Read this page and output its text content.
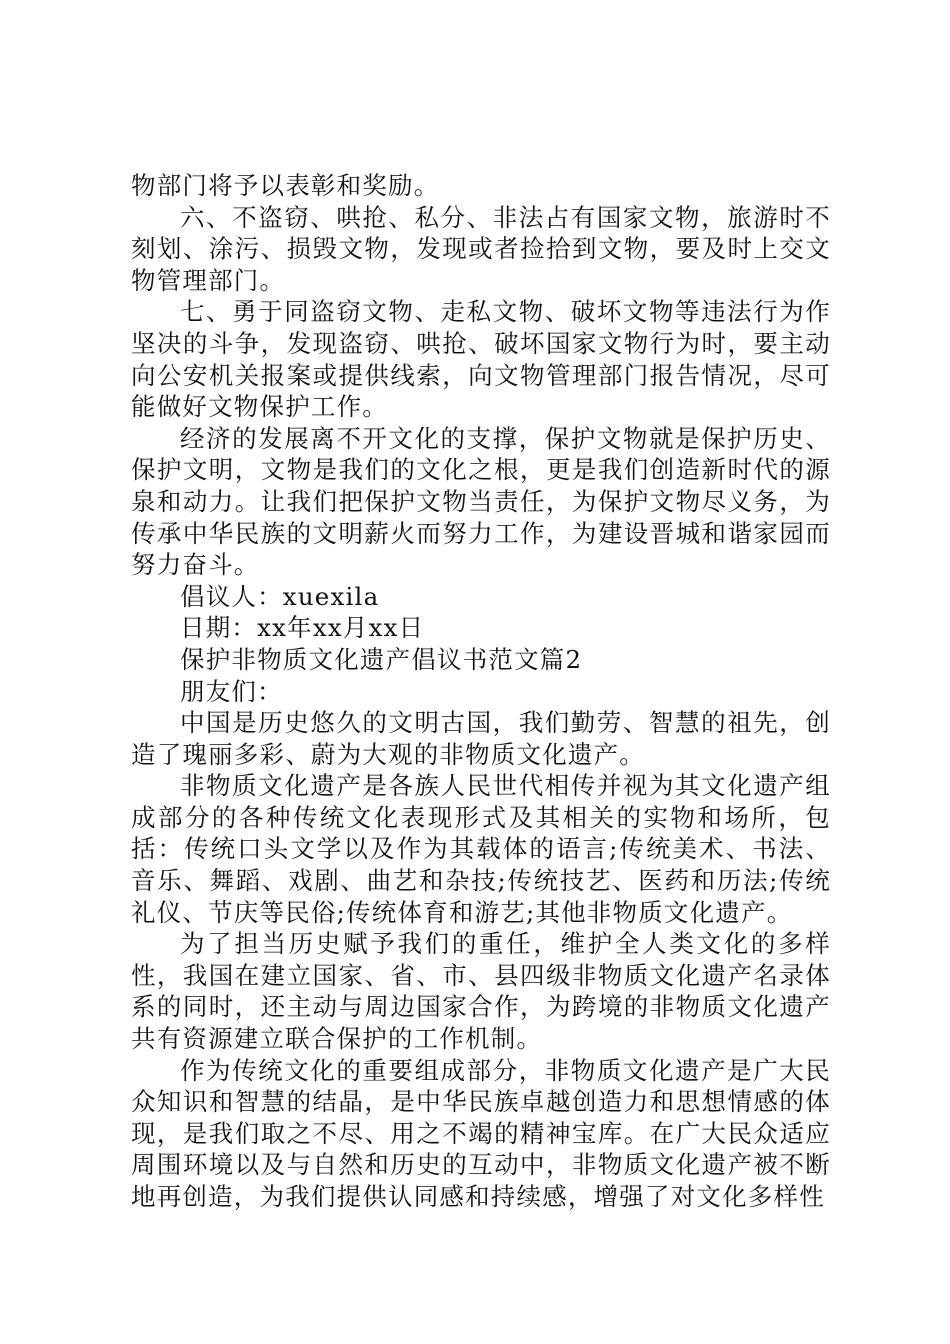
物部门将予以表彰和奖励。

六、不盗窃、哄抢、私分、非法占有国家文物，旅游时不刻划、涂污、损毁文物，发现或者捡拾到文物，要及时上交文物管理部门。

七、勇于同盗窃文物、走私文物、破坏文物等违法行为作坚决的斗争，发现盗窃、哄抢、破坏国家文物行为时，要主动向公安机关报案或提供线索，向文物管理部门报告情况，尽可能做好文物保护工作。

经济的发展离不开文化的支撑，保护文物就是保护历史、保护文明，文物是我们的文化之根，更是我们创造新时代的源泉和动力。让我们把保护文物当责任，为保护文物尽义务，为传承中华民族的文明薪火而努力工作，为建设晋城和谐家园而努力奋斗。

倡议人：xuexila

日期：xx年xx月xx日

保护非物质文化遗产倡议书范文篇2

朋友们：

中国是历史悠久的文明古国，我们勤劳、智慧的祖先，创造了瑰丽多彩、蔚为大观的非物质文化遗产。

非物质文化遗产是各族人民世代相传并视为其文化遗产组成部分的各种传统文化表现形式及其相关的实物和场所，包括：传统口头文学以及作为其载体的语言;传统美术、书法、音乐、舞蹈、戏剧、曲艺和杂技;传统技艺、医药和历法;传统礼仪、节庆等民俗;传统体育和游艺;其他非物质文化遗产。

为了担当历史赋予我们的重任，维护全人类文化的多样性，我国在建立国家、省、市、县四级非物质文化遗产名录体系的同时，还主动与周边国家合作，为跨境的非物质文化遗产共有资源建立联合保护的工作机制。

作为传统文化的重要组成部分，非物质文化遗产是广大民众知识和智慧的结晶，是中华民族卓越创造力和思想情感的体现，是我们取之不尽、用之不竭的精神宝库。在广大民众适应周围环境以及与自然和历史的互动中，非物质文化遗产被不断地再创造，为我们提供认同感和持续感，增强了对文化多样性
